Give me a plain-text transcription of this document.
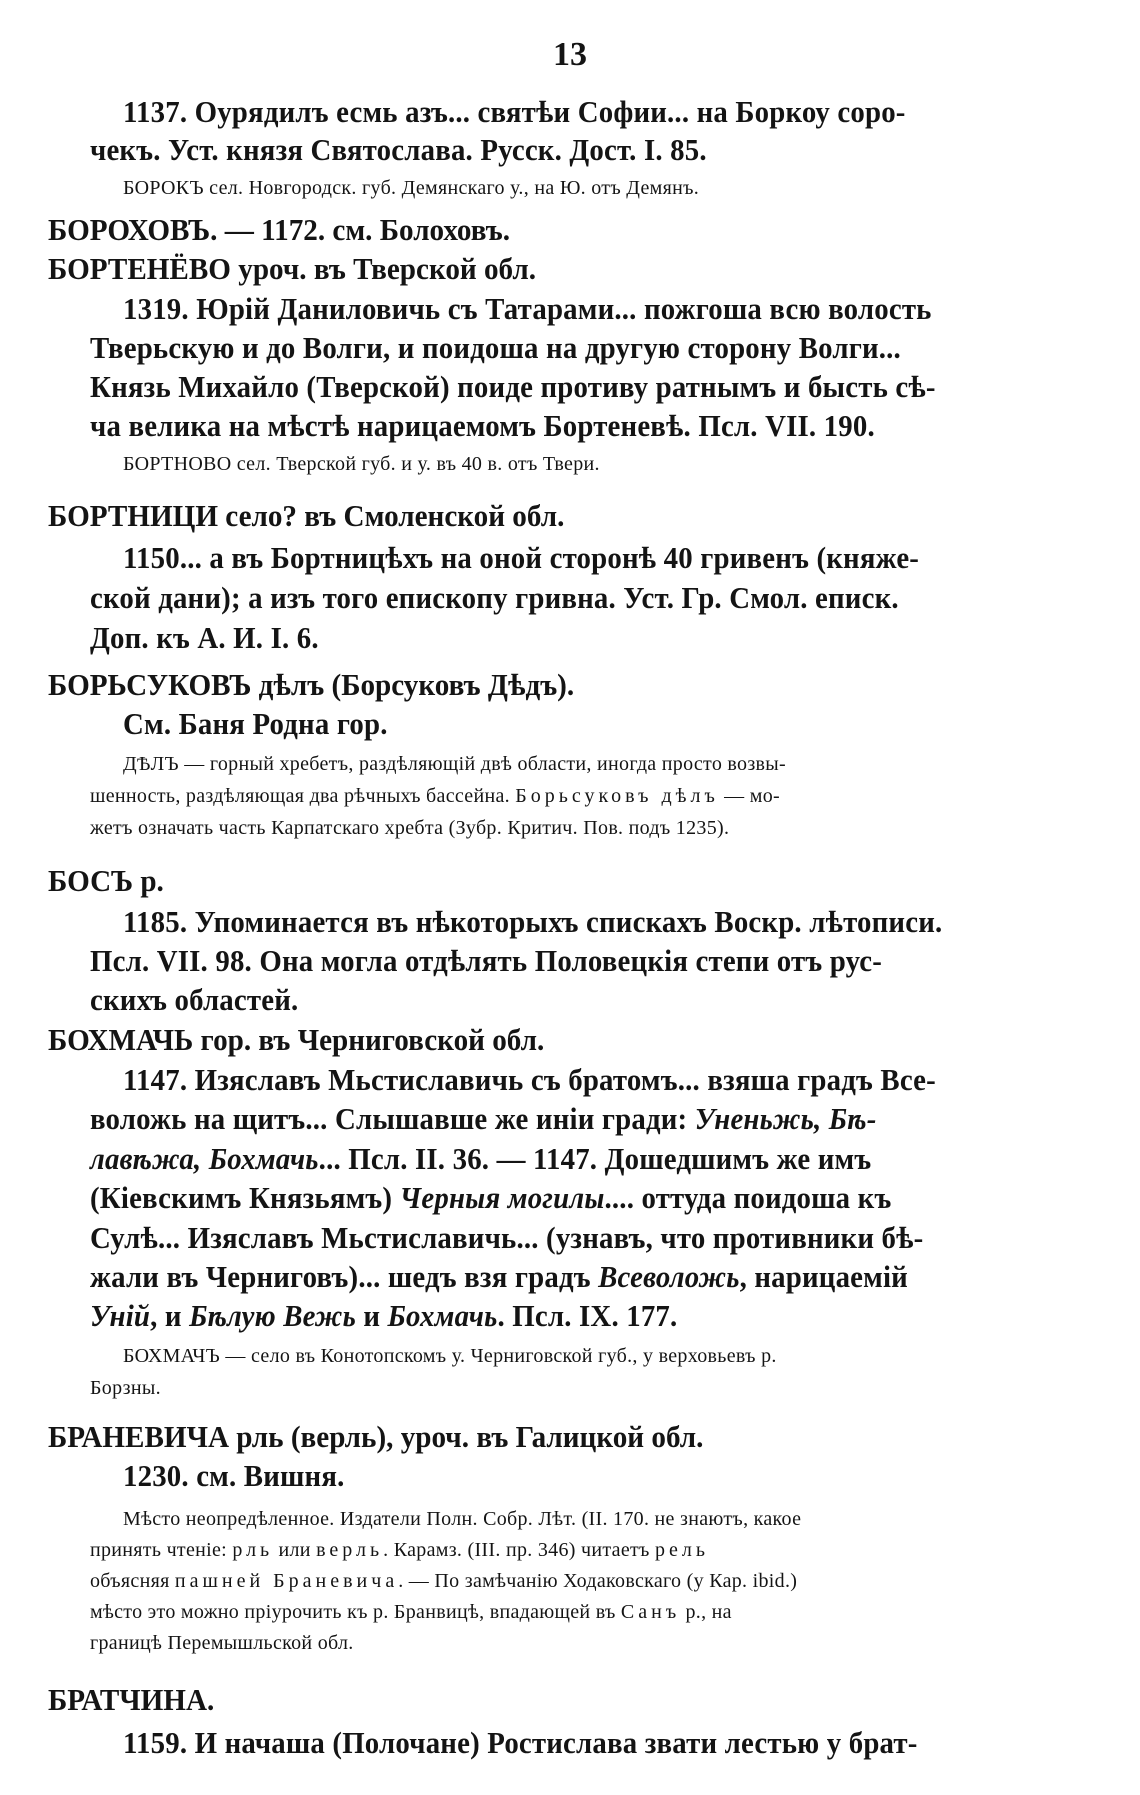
13
1137. Оурядилъ есмь азъ... святѣи Софии... на Боркоу соро-
чекъ. Уст. князя Святослава. Русск. Дост. I. 85.
БОРОКЪ сел. Новгородск. губ. Демянскаго у., на Ю. отъ Демянъ.
БОРОХОВЪ. — 1172. см. Болоховъ.
БОРТЕНЁВО уроч. въ Тверской обл.
1319. Юрій Даниловичь съ Татарами... пожгоша всю волость
Тверьскую и до Волги, и поидоша на другую сторону Волги...
Князь Михайло (Тверской) поиде противу ратнымъ и бысть сѣ-
ча велика на мѣстѣ нарицаемомъ Бортеневѣ. Псл. VII. 190.
БОРТНОВО сел. Тверской губ. и у. въ 40 в. отъ Твери.
БОРТНИЦИ село? въ Смоленской обл.
1150... а въ Бортницѣхъ на оной сторонѣ 40 гривенъ (княже-
ской дани); а изъ того епископу гривна. Уст. Гр. Смол. еписк.
Доп. къ А. И. I. 6.
БОРЬСУКОВЪ дѣлъ (Борсуковъ Дѣдъ).
См. Баня Родна гор.
ДѢЛЪ — горный хребетъ, раздѣляющій двѣ области, иногда просто возвы-
шенность, раздѣляющая два рѣчныхъ бассейна. Борьсуковъ дѣлъ — мо-
жетъ означать часть Карпатскаго хребта (Зубр. Критич. Пов. подъ 1235).
БОСЪ р.
1185. Упоминается въ нѣкоторыхъ спискахъ Воскр. лѣтописи.
Псл. VII. 98. Она могла отдѣлять Половецкія степи отъ рус-
скихъ областей.
БОХМАЧЬ гор. въ Черниговской обл.
1147. Изяславъ Мьстиславичь съ братомъ... взяша градъ Все-
воложь на щитъ... Слышавше же иніи гради: Уненьжь, Бѣ-
лавѣжа, Бохмачь... Псл. II. 36. — 1147. Дошедшимъ же имъ
(Кіевскимъ Князьямъ) Черныя могилы.... оттуда поидоша къ
Сулѣ... Изяславъ Мьстиславичь... (узнавъ, что противники бѣ-
жали въ Черниговъ)... шедъ взя градъ Всеволожь, нарицаемій
Уній, и Бѣлую Вежь и Бохмачь. Псл. IX. 177.
БОХМАЧЪ — село въ Конотопскомъ у. Черниговской губ., у верховьевъ р.
Борзны.
БРАНЕВИЧА рль (верль), уроч. въ Галицкой обл.
1230. см. Вишня.
Мѣсто неопредѣленное. Издатели Полн. Собр. Лѣт. (II. 170. не знаютъ, какое
принять чтеніе: рль или верль. Карамз. (III. пр. 346) читаетъ рель
объясняя пашней Браневича. — По замѣчанію Ходаковскаго (у Кар. ibid.)
мѣсто это можно пріурочить къ р. Бранвицѣ, впадающей въ Санъ р., на
границѣ Перемышльской обл.
БРАТЧИНА.
1159. И начаша (Полочане) Ростислава звати лестью у брат-
